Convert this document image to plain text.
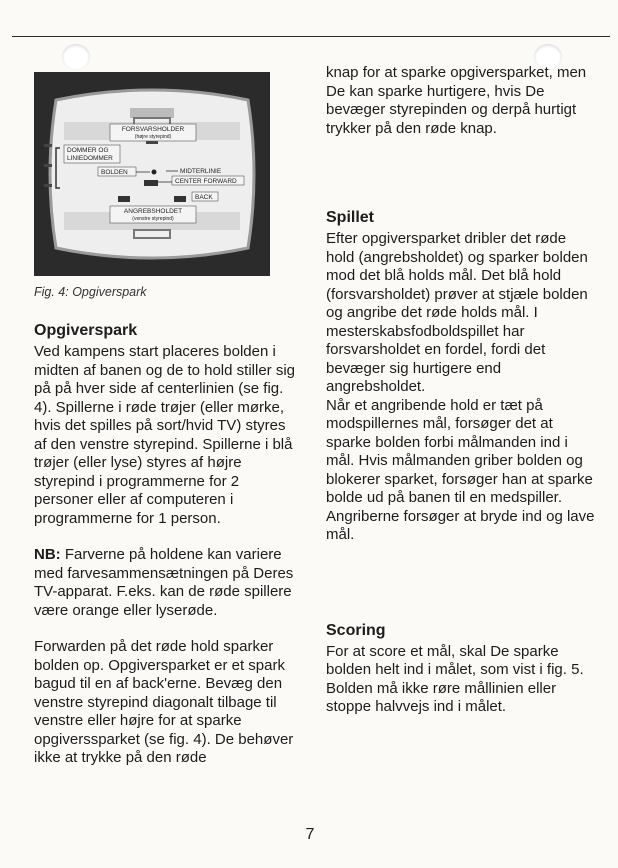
FORSVARSHOLDER
(højre styrepind)
DOMMER OG
LINIEDOMMER
BOLDEN	MIDTERLINIE
CENTER FORWARD
BACK
ANGREBSHOLDET
(venstre styrepind)
Fig. 4: Opgiverspark
Opgiverspark

Ved kampens start placeres bolden i midten af banen og de to hold stiller sig på på hver side af centerlinien (se fig. 4). Spillerne i røde trøjer (eller mørke, hvis det spilles på sort/hvid TV) styres af den venstre styrepind. Spillerne i blå trøjer (eller lyse) styres af højre styrepind i programmerne for 2 personer eller af computeren i programmerne for 1 person.

NB: Farverne på holdene kan variere med farvesammensætningen på Deres TV-apparat. F.eks. kan de røde spillere være orange eller lyserøde.

Forwarden på det røde hold sparker bolden op. Opgiversparket er et spark bagud til en af back'erne. Bevæg den venstre styrepind diagonalt tilbage til venstre eller højre for at sparke opgiverssparket (se fig. 4). De behøver ikke at trykke på den røde

knap for at sparke opgiversparket, men De kan sparke hurtigere, hvis De bevæger styrepinden og derpå hurtigt trykker på den røde knap.

Spillet

Efter opgiversparket dribler det røde hold (angrebsholdet) og sparker bolden mod det blå holds mål. Det blå hold (forsvarsholdet) prøver at stjæle bolden og angribe det røde holds mål. I mesterskabsfodboldspillet har forsvarsholdet en fordel, fordi det bevæger sig hurtigere end angrebsholdet.

Når et angribende hold er tæt på modspillernes mål, forsøger det at sparke bolden forbi målmanden ind i mål. Hvis målmanden griber bolden og blokerer sparket, forsøger han at sparke bolde ud på banen til en medspiller. Angriberne forsøger at bryde ind og lave mål.

Scoring

For at score et mål, skal De sparke bolden helt ind i målet, som vist i fig. 5. Bolden må ikke røre mållinien eller stoppe halvvejs ind i målet.

7
